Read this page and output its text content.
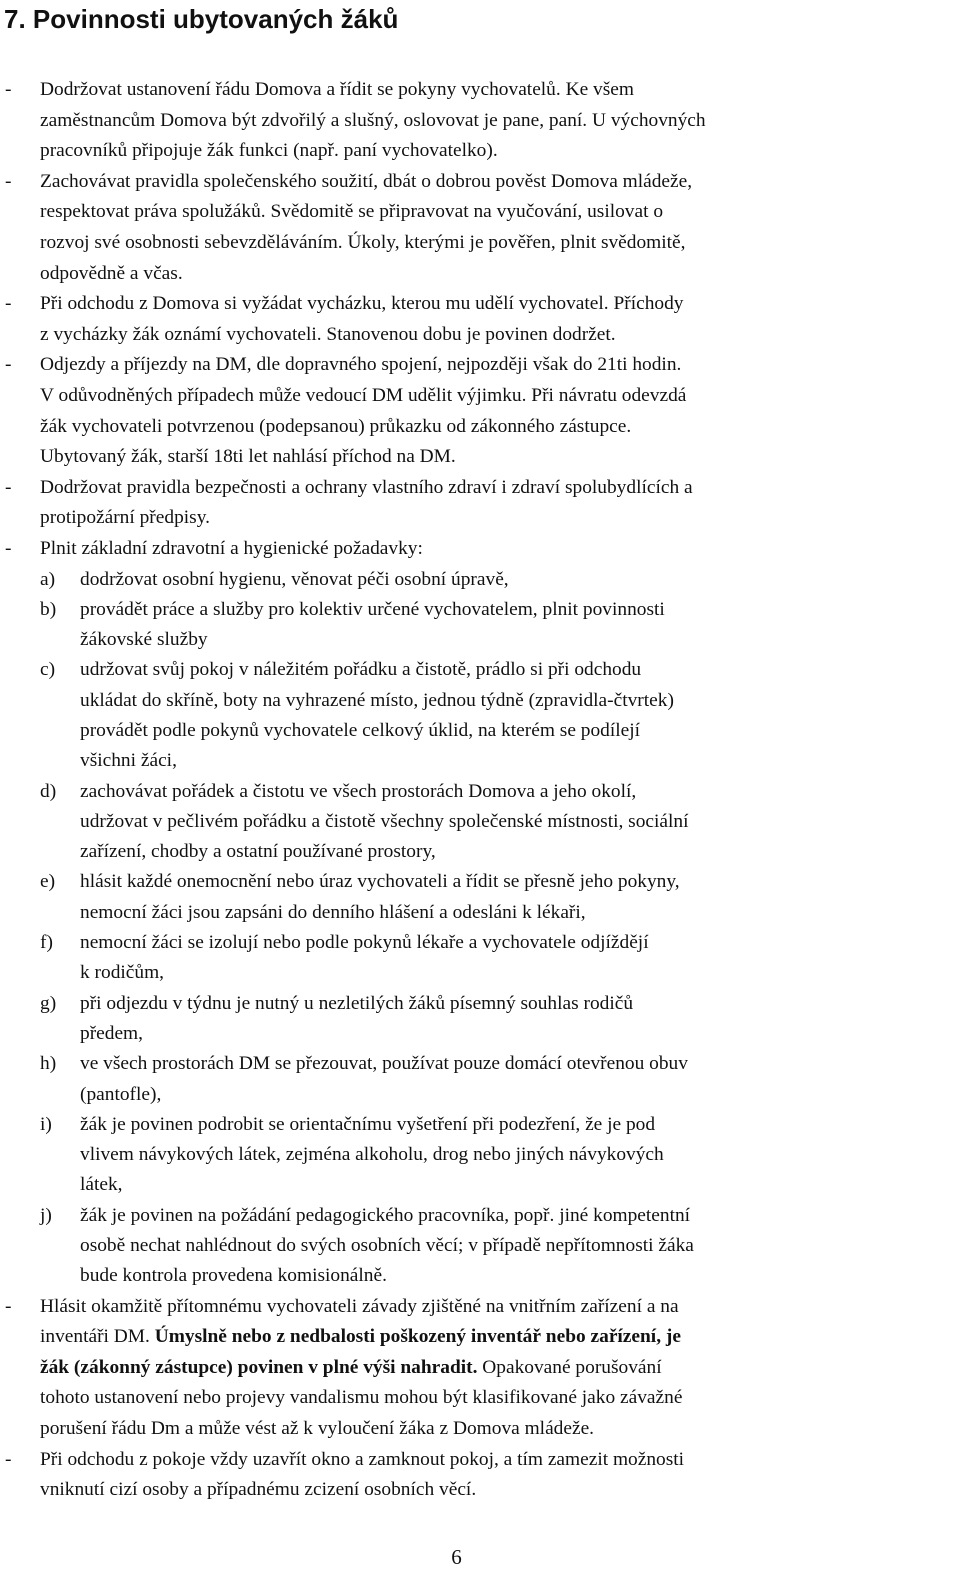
7. Povinnosti ubytovaných žáků
- Dodržovat ustanovení řádu Domova a řídit se pokyny vychovatelů. Ke všem
zaměstnancům Domova být zdvořilý a slušný, oslovovat je pane, paní. U výchovných
pracovníků připojuje žák funkci (např. paní vychovatelko).
- Zachovávat pravidla společenského soužití, dbát o dobrou pověst Domova mládeže,
respektovat práva spolužáků. Svědomitě se připravovat na vyučování, usilovat o
rozvoj své osobnosti sebevzděláváním. Úkoly, kterými je pověřen, plnit svědomitě,
odpovědně a včas.
- Při odchodu z Domova si vyžádat vycházku, kterou mu udělí vychovatel. Příchody
z vycházky žák oznámí vychovateli. Stanovenou dobu je povinen dodržet.
- Odjezdy a příjezdy na DM, dle dopravného spojení, nejpozději však do 21ti hodin.
V odůvodněných případech může vedoucí DM udělit výjimku. Při návratu odevzdá
žák vychovateli potvrzenou (podepsanou) průkazku od zákonného zástupce.
Ubytovaný žák, starší 18ti let nahlásí příchod na DM.
- Dodržovat pravidla bezpečnosti a ochrany vlastního zdraví i zdraví spolubydlících a
protipožární předpisy.
- Plnit základní zdravotní a hygienické požadavky:
a) dodržovat osobní hygienu, věnovat péči osobní úpravě,
b) provádět práce a služby pro kolektiv určené vychovatelem, plnit povinnosti
žákovské služby
c) udržovat svůj pokoj v náležitém pořádku a čistotě, prádlo si při odchodu
ukládat do skříně, boty na vyhrazené místo, jednou týdně (zpravidla-čtvrtek)
provádět podle pokynů vychovatele celkový úklid, na kterém se podílejí
všichni žáci,
d) zachovávat pořádek a čistotu ve všech prostorách Domova a jeho okolí,
udržovat v pečlivém pořádku a čistotě všechny společenské místnosti, sociální
zařízení, chodby a ostatní používané prostory,
e) hlásit každé onemocnění nebo úraz vychovateli a řídit se přesně jeho pokyny,
nemocní žáci jsou zapsáni do denního hlášení a odesláni k lékaři,
f) nemocní žáci se izolují nebo podle pokynů lékaře a vychovatele odjíždějí
k rodičům,
g) při odjezdu v týdnu je nutný u nezletilých žáků písemný souhlas rodičů
předem,
h) ve všech prostorách DM se přezouvat, používat pouze domácí otevřenou obuv
(pantofle),
i) žák je povinen podrobit se orientačnímu vyšetření při podezření, že je pod
vlivem návykových látek, zejména alkoholu, drog nebo jiných návykových
látek,
j) žák je povinen na požádání pedagogického pracovníka, popř. jiné kompetentní
osobě nechat nahlédnout do svých osobních věcí; v případě nepřítomnosti žáka
bude kontrola provedena komisionálně.
- Hlásit okamžitě přítomnému vychovateli závady zjištěné na vnitřním zařízení a na
inventáři DM. Úmyslně nebo z nedbalosti poškozený inventář nebo zařízení, je
žák (zákonný zástupce) povinen v plné výši nahradit. Opakované porušování
tohoto ustanovení nebo projevy vandalismu mohou být klasifikované jako závažné
porušení řádu Dm a může vést až k vyloučení žáka z Domova mládeže.
- Při odchodu z pokoje vždy uzavřít okno a zamknout pokoj, a tím zamezit možnosti
vniknutí cizí osoby a případnému zcizení osobních věcí.
6
